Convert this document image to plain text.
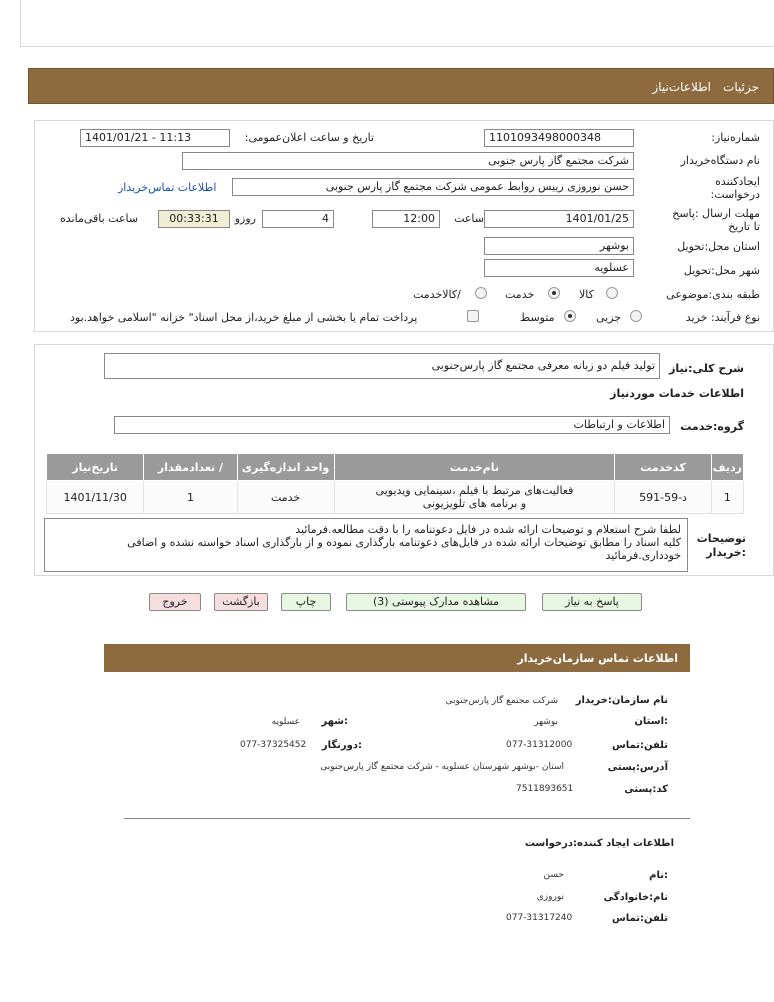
جزئیات
اطلاعات‌نیاز
شماره‌نیاز:
1101093498000348
تاریخ و ساعت اعلان‌عمومی:
1401/01/21 - 11:13
نام دستگاه‌خریدار
شرکت مجتمع گاز پارس جنوبی
ایجادکننده درخواست:
حسن نوروزی رییس روابط عمومی شرکت مجتمع گاز پارس جنوبی
اطلاعات تماس‌خریدار
مهلت ارسال :پاسخ تا تاریخ
1401/01/25
ساعت
12:00
4
روزو
00:33:31
ساعت باقی‌مانده
استان محل:تحویل
بوشهر
شهر محل:تحویل
عسلویه
طبقه بندی:موضوعی
کالا
خدمت
/کالاخدمت
نوع فرآیند: خرید
جزیی
متوسط
پرداخت تمام یا بخشی از مبلغ خرید،از محل اسناد" خزانه "اسلامی خواهد.بود
شرح کلی:نیاز
تولید فیلم دو زبانه معرفی مجتمع گاز پارس‌جنوبی
اطلاعات خدمات موردنیاز
گروه:خدمت
اطلاعات و ارتباطات
ردیف	کدخدمت	نام‌خدمت	واحد اندازه‌گیری	/ تعدادمقدار	تاریخ‌نیاز
1	د-59-591	فعالیت‌های مرتبط با فیلم ،سینمایی ویدیویی
و برنامه های تلویزیونی	خدمت	1	1401/11/30
توضیحات
:خریدار
لطفا شرح استعلام و توضیحات ارائه شده در فایل دعوتنامه را با دقت مطالعه.فرمائید
کلیه اسناد را مطابق توضیحات ارائه شده در فایل‌های دعوتنامه بارگذاری نموده و از بارگذاری اسناد خواسته نشده و اضافی
خودداری.فرمائید
پاسخ به نیاز
مشاهده مدارک پیوستی (3)
چاپ
بازگشت
خروج
اطلاعات تماس سازمان‌خریدار
نام سازمان:خریدار
شرکت مجتمع گاز پارس‌جنوبی
:استان
بوشهر
:شهر
عسلویه
تلفن:تماس
077-31312000
:دورنگار
077-37325452
آدرس:پستی
استان -بوشهر شهرستان عسلویه - شرکت مجتمع گاز پارس‌جنوبی
کد:پستی
7511893651
اطلاعات ایجاد کننده:درخواست
:نام
حسن
نام:خانوادگی
نوروزی
تلفن:تماس
077-31317240
